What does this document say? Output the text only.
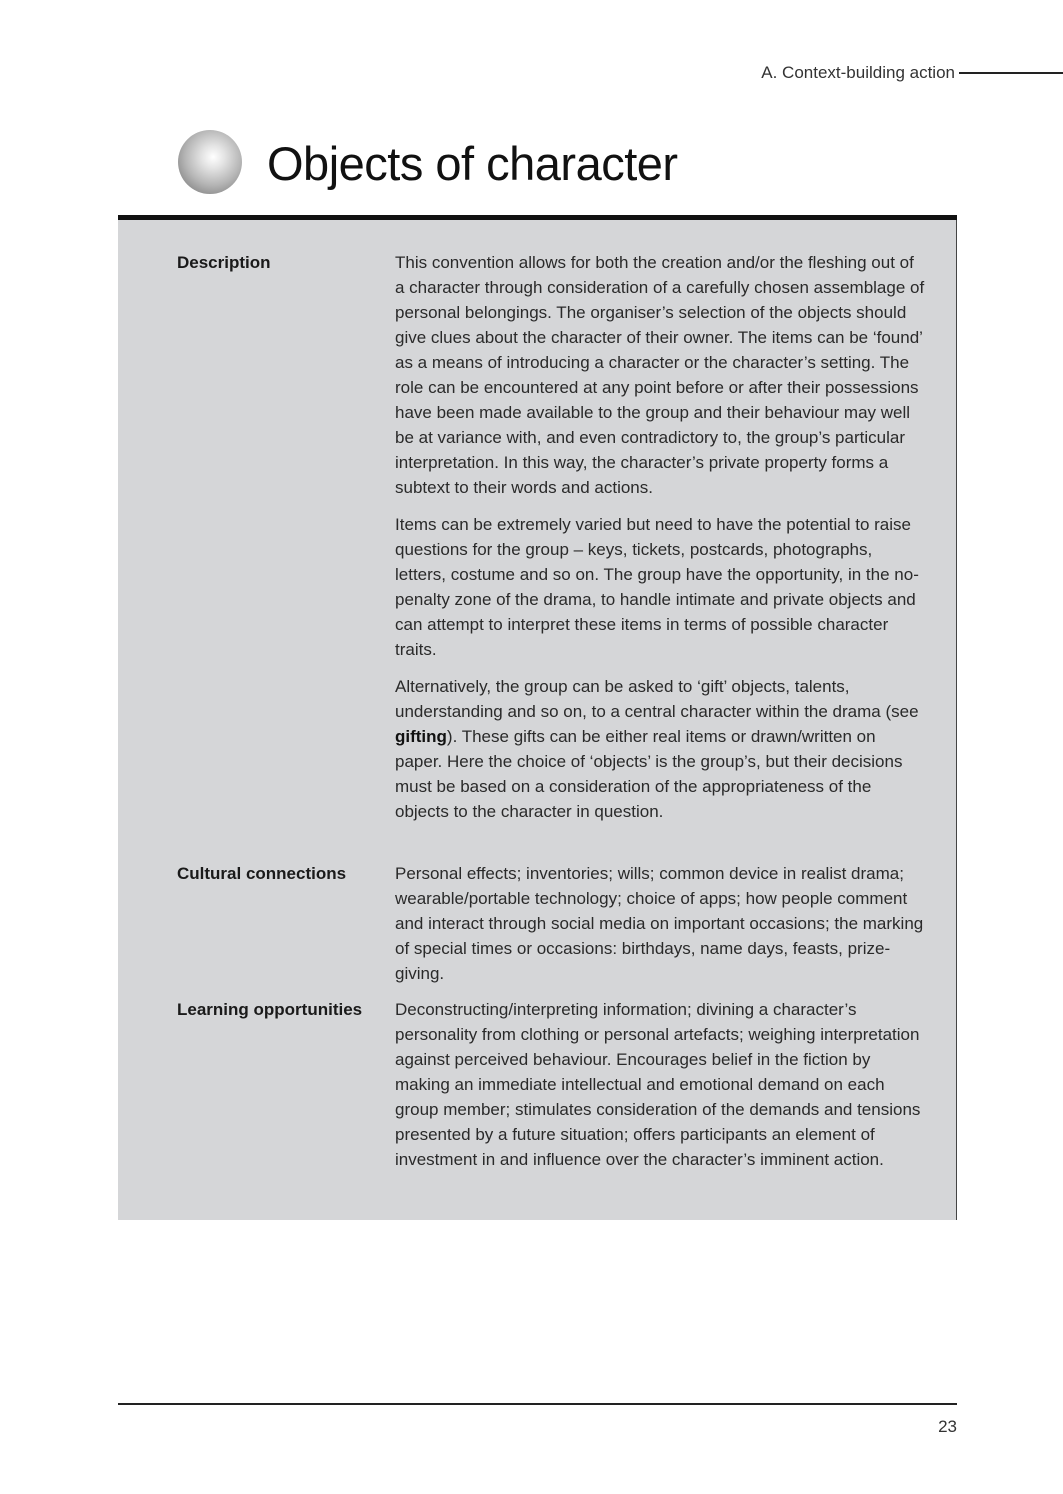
A.
Context-building action
Objects of character
Description	This convention allows for both the creation and/or the fleshing out of a character through consideration of a carefully chosen assemblage of personal belongings. The organiser’s selection of the objects should give clues about the character of their owner. The items can be ‘found’ as a means of introducing a character or the character’s setting. The role can be encountered at any point before or after their possessions have been made available to the group and their behaviour may well be at variance with, and even contradictory to, the group’s particular interpretation. In this way, the character’s private property forms a subtext to their words and actions.

Items can be extremely varied but need to have the potential to raise questions for the group – keys, tickets, postcards, photographs, letters, costume and so on. The group have the opportunity, in the no-penalty zone of the drama, to handle intimate and private objects and can attempt to interpret these items in terms of possible character traits.

Alternatively, the group can be asked to ‘gift’ objects, talents, understanding and so on, to a central character within the drama (see gifting). These gifts can be either real items or drawn/written on paper. Here the choice of ‘objects’ is the group’s, but their decisions must be based on a consideration of the appropriateness of the objects to the character in question.

Cultural connections	Personal effects; inventories; wills; common device in realist drama; wearable/portable technology; choice of apps; how people comment and interact through social media on important occasions; the marking of special times or occasions: birthdays, name days, feasts, prize-giving.

Learning opportunities Deconstructing/interpreting information; divining a character’s personality from clothing or personal artefacts; weighing interpretation against perceived behaviour. Encourages belief in the fiction by making an immediate intellectual and emotional demand on each group member; stimulates consideration of the demands and tensions presented by a future situation; offers participants an element of investment in and influence over the character’s imminent action.

23
